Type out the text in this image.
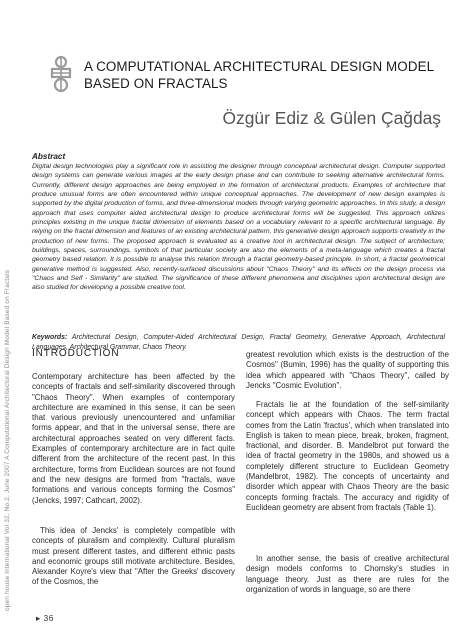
A COMPUTATIONAL ARCHITECTURAL DESIGN MODEL BASED ON FRACTALS
Özgür Ediz & Gülen Çağdaş
Abstract
Digital design technologies play a significant role in assisting the designer through conceptual architectural design. Computer supported design systems can generate various images at the early design phase and can contribute to seeking alternative architectural forms. Currently, different design approaches are being employed in the formation of architectural products. Examples of architecture that produce unusual forms are often encountered within unique conceptual approaches. The development of new design examples is supported by the digital production of forms, and three-dimensional models through varying geometric approaches. In this study, a design approach that uses computer aided architectural design to produce architectural forms will be suggested. This approach utilizes principles existing in the unique fractal dimension of elements based on a vocabulary relevant to a specific architectural language. By relying on the fractal dimension and features of an existing architectural pattern, this generative design approach supports creativity in the production of new forms. The proposed approach is evaluated as a creative tool in architectural design. The subject of architecture; buildings, spaces, surroundings, symbols of that particular society are also the elements of a meta-language which creates a fractal geometry based relation. It is possible to analyse this relation through a fractal geometry-based principle. In short, a fractal geometrical generative method is suggested. Also, recently-surfaced discussions about "Chaos Theory" and its effects on the design process via "Chaos and Self - Similarity" are studied. The significance of these different phenomena and disciplines upon architectural design are also studied for developing a possible creative tool.
Keywords: Architectural Design, Computer-Aided Architectural Design, Fractal Geometry, Generative Approach, Architectural Languages, Architectural Grammar, Chaos Theory.
INTRODUCTION

Contemporary architecture has been affected by the concepts of fractals and self-similarity discovered through "Chaos Theory". When examples of contemporary architecture are examined in this sense, it can be seen that various previously unencountered and unfamiliar forms appear, and that in the universal sense, there are architectural approaches seated on very different facts. Examples of contemporary architecture are in fact quite different from the architecture of the recent past. In this architecture, forms from Euclidean sources are not found and the new designs are formed from "fractals, wave formations and various concepts forming the Cosmos" (Jencks, 1997; Cathcart, 2002).

This idea of Jencks' is completely compatible with concepts of pluralism and complexity. Cultural pluralism must present different tastes, and different ethnic pasts and economic groups still motivate architecture. Besides, Alexander Koyre's view that "After the Greeks' discovery of the Cosmos, the

greatest revolution which exists is the destruction of the Cosmos" (Bumin, 1996) has the quality of supporting this idea which appeared with "Chaos Theory", called by Jencks "Cosmic Evolution".

Fractals lie at the foundation of the self-similarity concept which appears with Chaos. The term fractal comes from the Latin 'fractus', which when translated into English is taken to mean piece, break, broken, fragment, fractional, and disorder. B. Mandelbrot put forward the idea of fractal geometry in the 1980s, and showed us a completely different structure to Euclidean Geometry (Mandelbrot, 1982). The concepts of uncertainty and disorder which appear with Chaos Theory are the basic concepts forming fractals. The accuracy and rigidity of Euclidean geometry are absent from fractals (Table 1).

In another sense, the basis of creative architectural design models conforms to Chomsky's studies in language theory. Just as there are rules for the organization of words in language, so are there

open house international Vol 32, No.2, June 2007 A Computational Architectural Design Model Based on Fractals
▸ 36
